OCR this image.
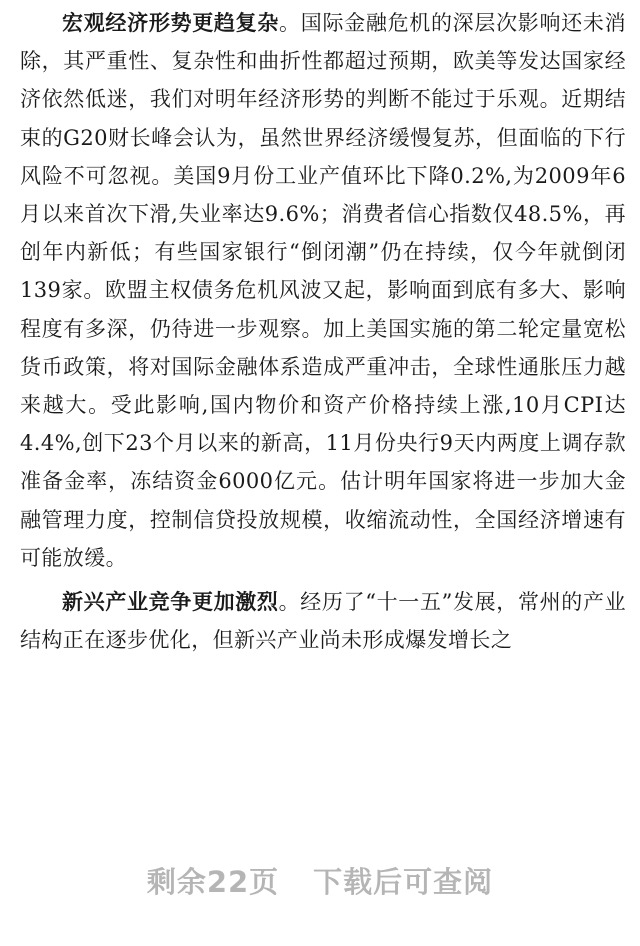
宏观经济形势更趋复杂。国际金融危机的深层次影响还未消除，其严重性、复杂性和曲折性都超过预期，欧美等发达国家经济依然低迷，我们对明年经济形势的判断不能过于乐观。近期结束的G20财长峰会认为，虽然世界经济缓慢复苏，但面临的下行风险不可忽视。美国9月份工业产值环比下降0.2%,为2009年6月以来首次下滑,失业率达9.6%；消费者信心指数仅48.5%，再创年内新低；有些国家银行“倒闭潮”仍在持续，仅今年就倒闭139家。欧盟主权债务危机风波又起，影响面到底有多大、影响程度有多深，仍待进一步观察。加上美国实施的第二轮定量宽松货币政策，将对国际金融体系造成严重冲击，全球性通胀压力越来越大。受此影响,国内物价和资产价格持续上涨,10月CPI达4.4%,创下23个月以来的新高，11月份央行9天内两度上调存款准备金率，冻结资金6000亿元。估计明年国家将进一步加大金融管理力度，控制信贷投放规模，收缩流动性，全国经济增速有可能放缓。

新兴产业竞争更加激烈。经历了“十一五”发展，常州的产业结构正在逐步优化，但新兴产业尚未形成爆发增长之

剩余22页 下载后可查阅
